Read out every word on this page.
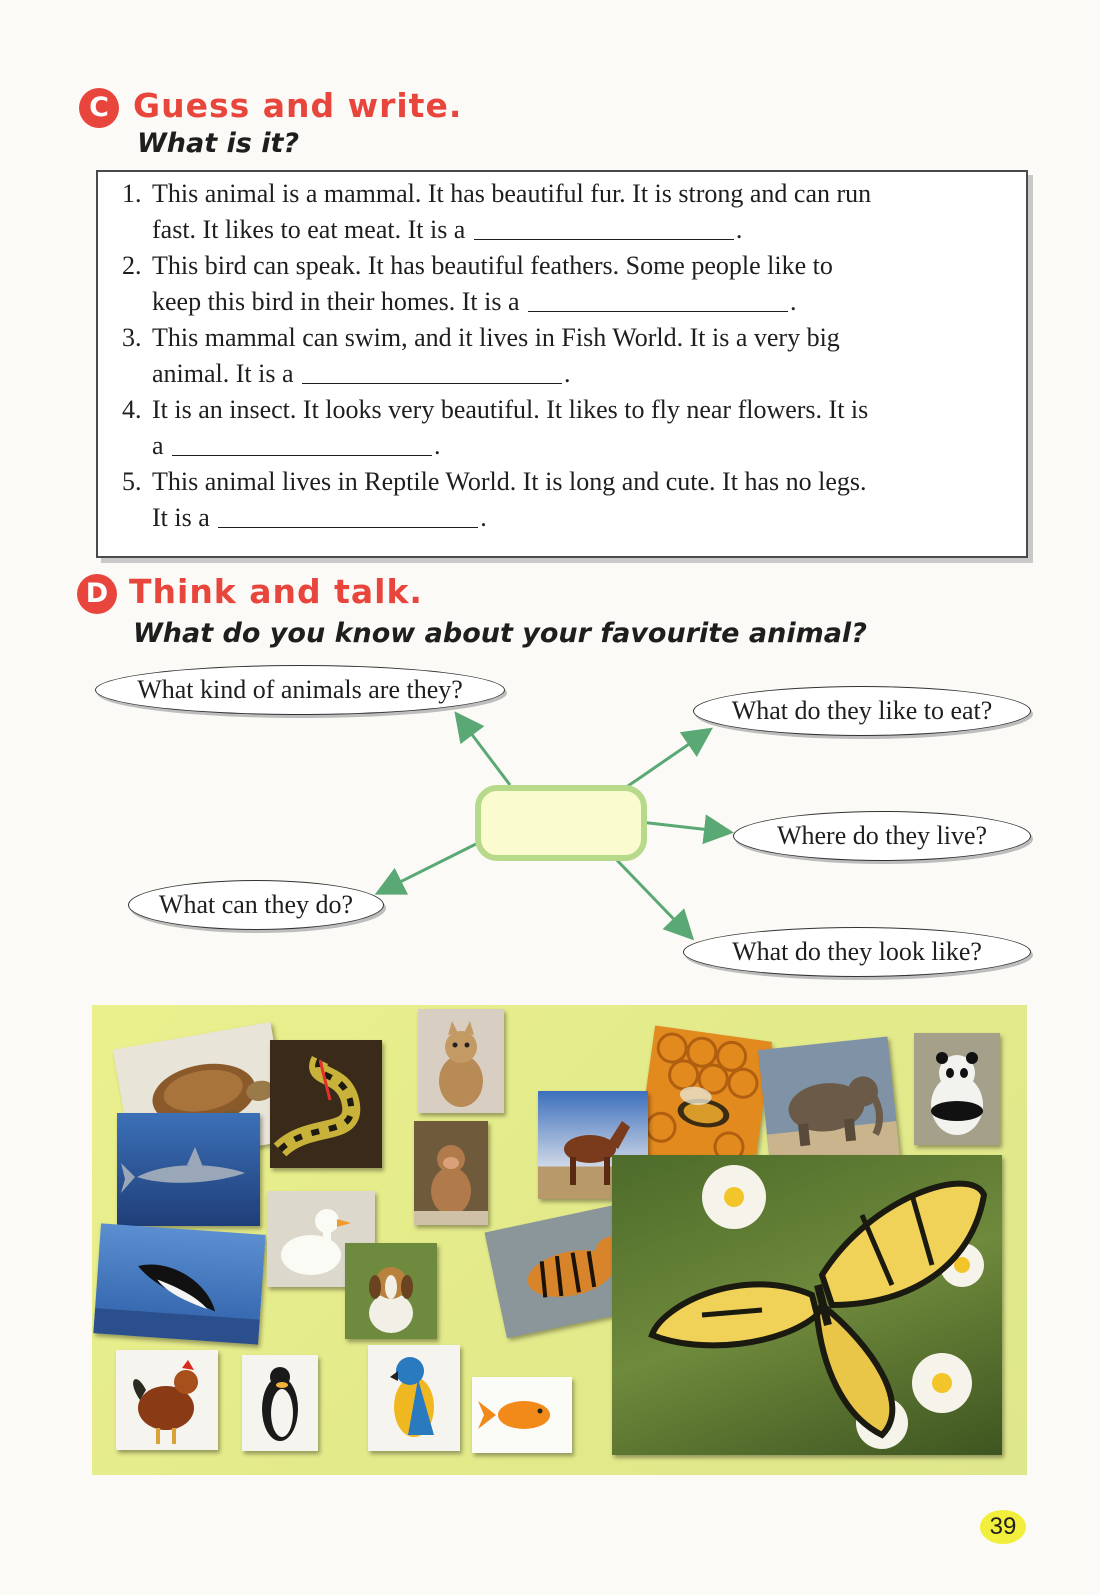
C Guess and write.
What is it?
1. This animal is a mammal. It has beautiful fur. It is strong and can run
fast. It likes to eat meat. It is a	.
2. This bird can speak. It has beautiful feathers. Some people like to
keep this bird in their homes. It is a	.
3. This mammal can swim, and it lives in Fish World. It is a very big
animal. It is a	.
4. It is an insect. It looks very beautiful. It likes to fly near flowers. It is
a	.
5. This animal lives in Reptile World. It is long and cute. It has no legs.
It is a	.
D Think and talk.
What do you know about your favourite animal?
What kind of animals are they?
What do they like to eat?
Where do they live?
What can they do?
What do they look like?
39
